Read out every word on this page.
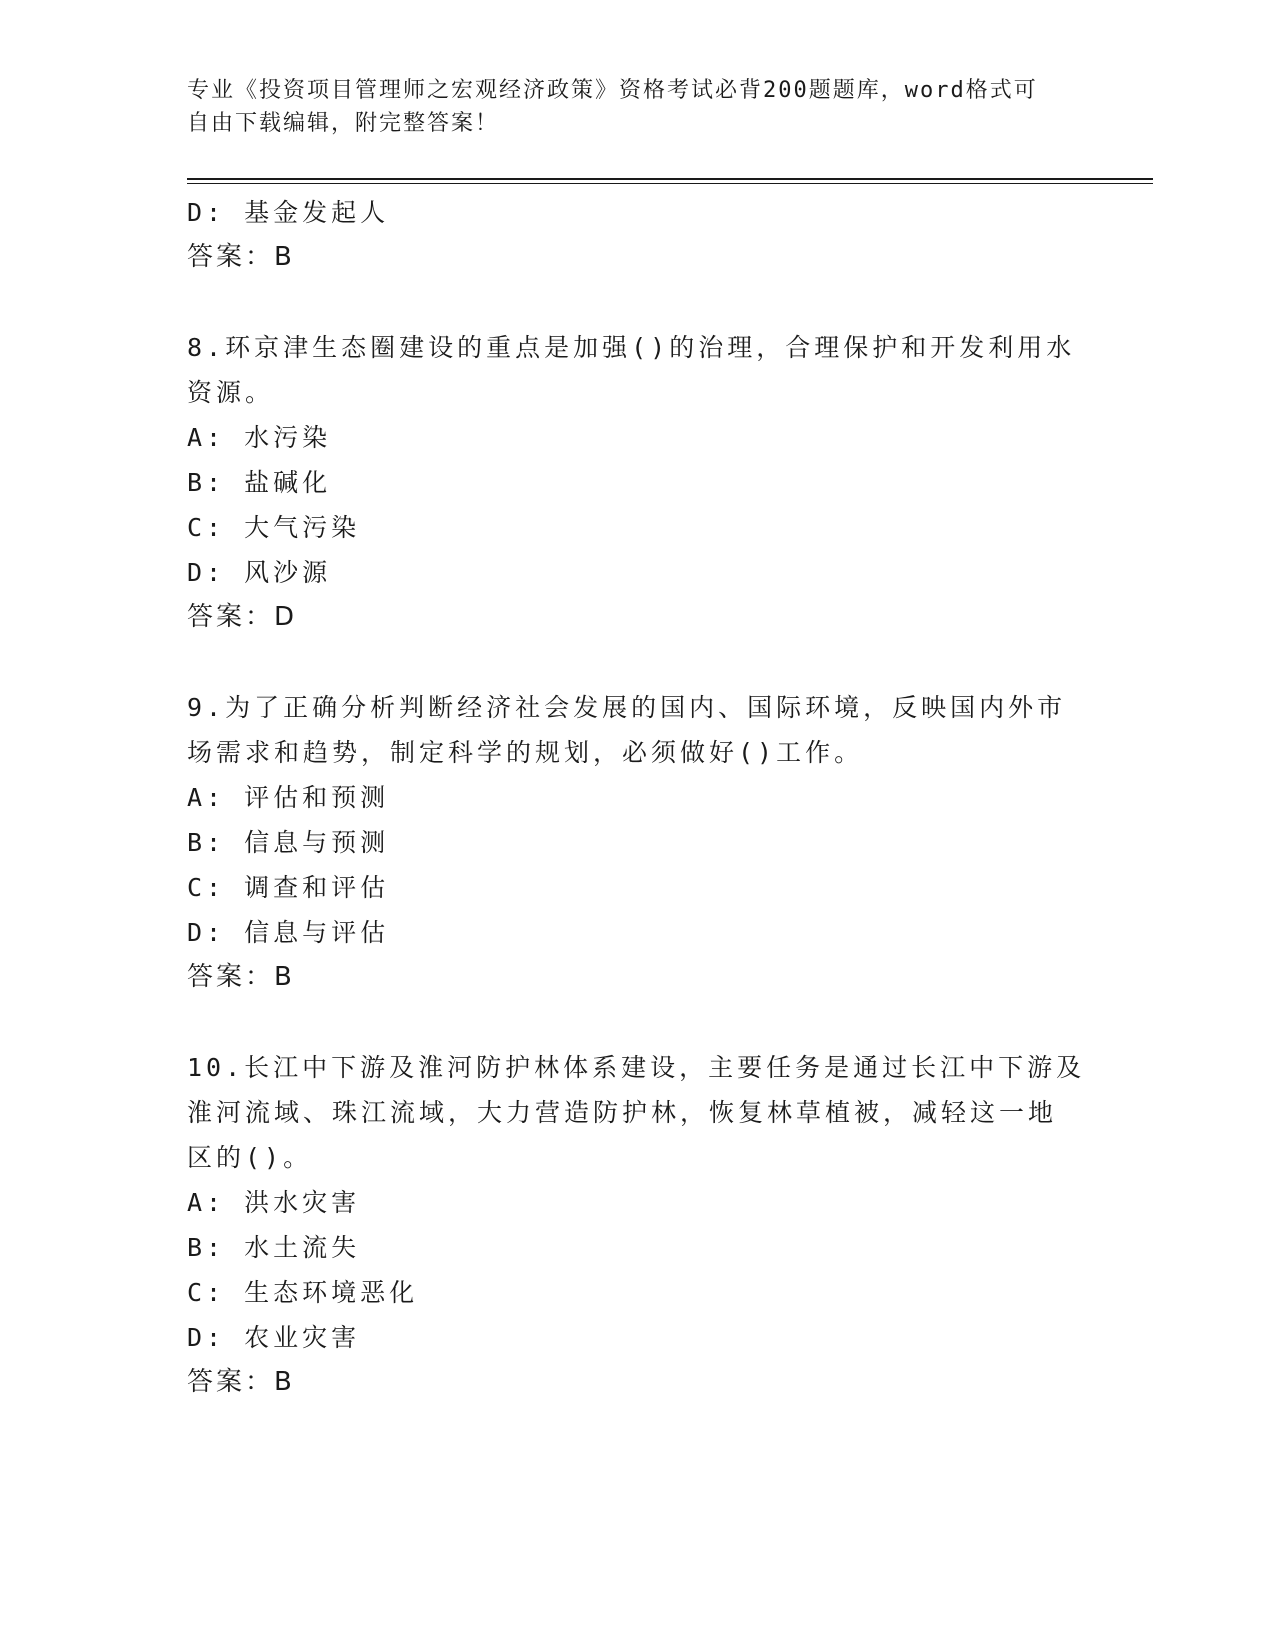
专业《投资项目管理师之宏观经济政策》资格考试必背200题题库，word格式可
自由下载编辑，附完整答案！
D: 基金发起人
答案：B
8.环京津生态圈建设的重点是加强()的治理，合理保护和开发利用水
资源。
A: 水污染
B: 盐碱化
C: 大气污染
D: 风沙源
答案：D
9.为了正确分析判断经济社会发展的国内、国际环境，反映国内外市
场需求和趋势，制定科学的规划，必须做好()工作。
A: 评估和预测
B: 信息与预测
C: 调查和评估
D: 信息与评估
答案：B
10.长江中下游及淮河防护林体系建设，主要任务是通过长江中下游及
淮河流域、珠江流域，大力营造防护林，恢复林草植被，减轻这一地
区的()。
A: 洪水灾害
B: 水土流失
C: 生态环境恶化
D: 农业灾害
答案：B
